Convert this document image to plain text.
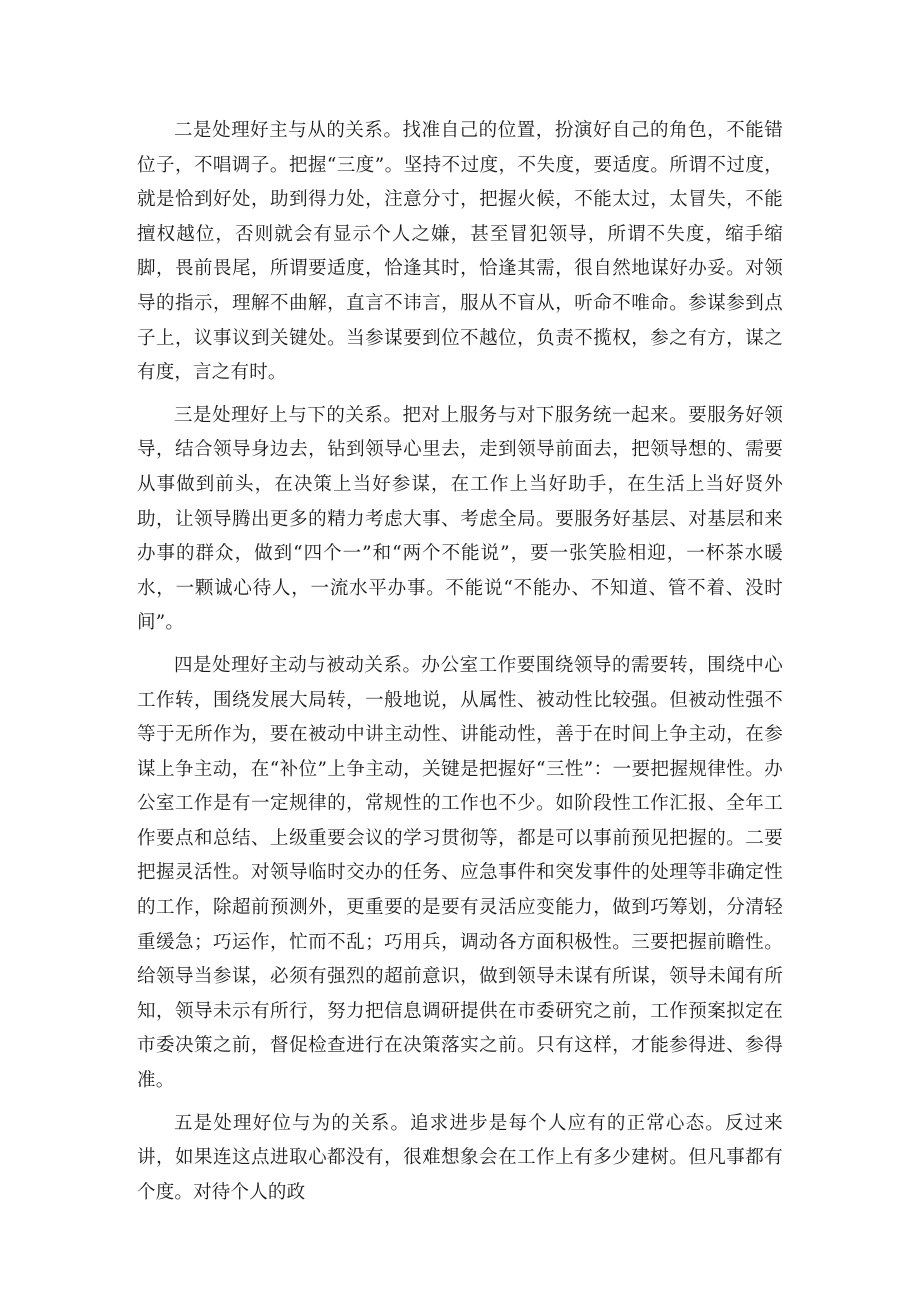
二是处理好主与从的关系。找准自己的位置，扮演好自己的角色，不能错位子，不唱调子。把握“三度”。坚持不过度，不失度，要适度。所谓不过度，就是恰到好处，助到得力处，注意分寸，把握火候，不能太过，太冒失，不能擅权越位，否则就会有显示个人之嫌，甚至冒犯领导，所谓不失度，缩手缩脚，畏前畏尾，所谓要适度，恰逢其时，恰逢其需，很自然地谋好办妥。对领导的指示，理解不曲解，直言不讳言，服从不盲从，听命不唯命。参谋参到点子上，议事议到关键处。当参谋要到位不越位，负责不揽权，参之有方，谋之有度，言之有时。

三是处理好上与下的关系。把对上服务与对下服务统一起来。要服务好领导，结合领导身边去，钻到领导心里去，走到领导前面去，把领导想的、需要从事做到前头，在决策上当好参谋，在工作上当好助手，在生活上当好贤外助，让领导腾出更多的精力考虑大事、考虑全局。要服务好基层、对基层和来办事的群众，做到“四个一”和“两个不能说”，要一张笑脸相迎，一杯茶水暖水，一颗诚心待人，一流水平办事。不能说“不能办、不知道、管不着、没时间”。

四是处理好主动与被动关系。办公室工作要围绕领导的需要转，围绕中心工作转，围绕发展大局转，一般地说，从属性、被动性比较强。但被动性强不等于无所作为，要在被动中讲主动性、讲能动性，善于在时间上争主动，在参谋上争主动，在“补位”上争主动，关键是把握好“三性”：一要把握规律性。办公室工作是有一定规律的，常规性的工作也不少。如阶段性工作汇报、全年工作要点和总结、上级重要会议的学习贯彻等，都是可以事前预见把握的。二要把握灵活性。对领导临时交办的任务、应急事件和突发事件的处理等非确定性的工作，除超前预测外，更重要的是要有灵活应变能力，做到巧筹划，分清轻重缓急；巧运作，忙而不乱；巧用兵，调动各方面积极性。三要把握前瞻性。给领导当参谋，必须有强烈的超前意识，做到领导未谋有所谋，领导未闻有所知，领导未示有所行，努力把信息调研提供在市委研究之前，工作预案拟定在市委决策之前，督促检查进行在决策落实之前。只有这样，才能参得进、参得准。

五是处理好位与为的关系。追求进步是每个人应有的正常心态。反过来讲，如果连这点进取心都没有，很难想象会在工作上有多少建树。但凡事都有个度。对待个人的政
